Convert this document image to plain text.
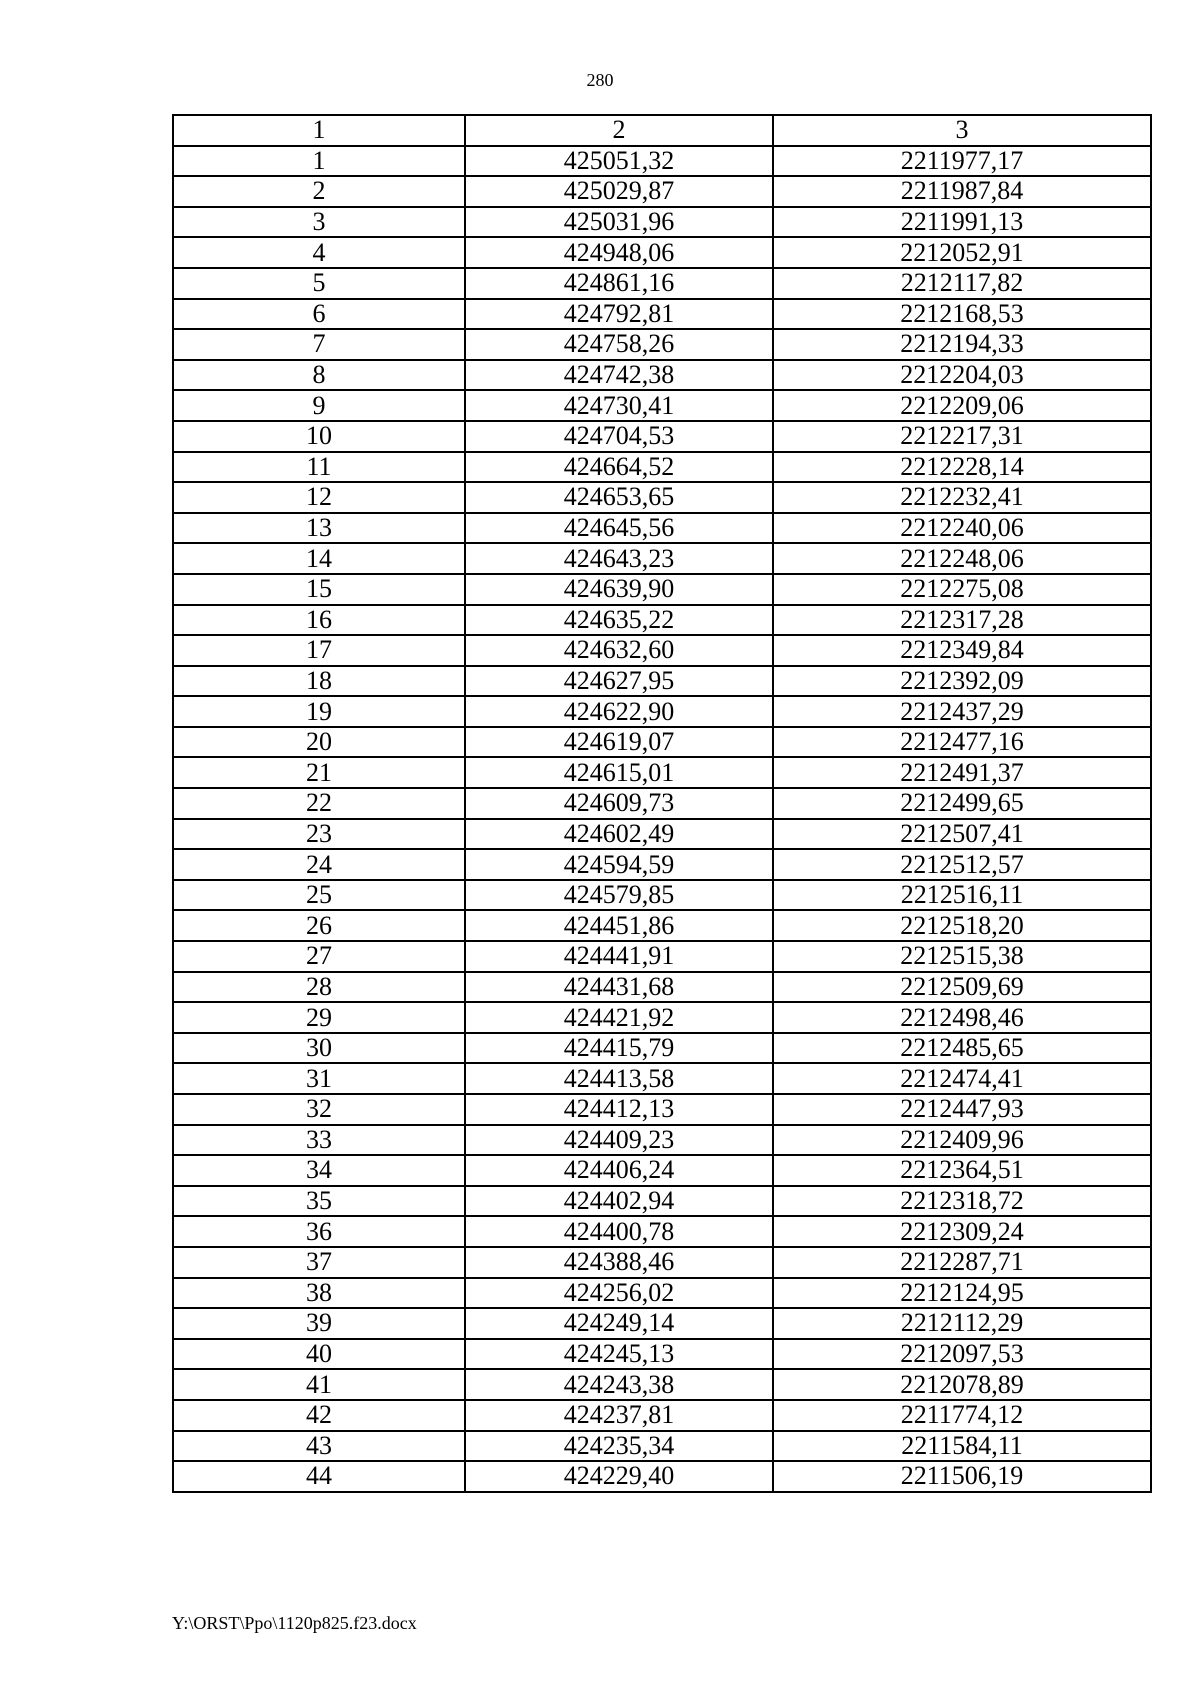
280
1	2	3
1	425051,32	2211977,17
2	425029,87	2211987,84
3	425031,96	2211991,13
4	424948,06	2212052,91
5	424861,16	2212117,82
6	424792,81	2212168,53
7	424758,26	2212194,33
8	424742,38	2212204,03
9	424730,41	2212209,06
10	424704,53	2212217,31
11	424664,52	2212228,14
12	424653,65	2212232,41
13	424645,56	2212240,06
14	424643,23	2212248,06
15	424639,90	2212275,08
16	424635,22	2212317,28
17	424632,60	2212349,84
18	424627,95	2212392,09
19	424622,90	2212437,29
20	424619,07	2212477,16
21	424615,01	2212491,37
22	424609,73	2212499,65
23	424602,49	2212507,41
24	424594,59	2212512,57
25	424579,85	2212516,11
26	424451,86	2212518,20
27	424441,91	2212515,38
28	424431,68	2212509,69
29	424421,92	2212498,46
30	424415,79	2212485,65
31	424413,58	2212474,41
32	424412,13	2212447,93
33	424409,23	2212409,96
34	424406,24	2212364,51
35	424402,94	2212318,72
36	424400,78	2212309,24
37	424388,46	2212287,71
38	424256,02	2212124,95
39	424249,14	2212112,29
40	424245,13	2212097,53
41	424243,38	2212078,89
42	424237,81	2211774,12
43	424235,34	2211584,11
44	424229,40	2211506,19
Y:\ORST\Ppo\1120p825.f23.docx
